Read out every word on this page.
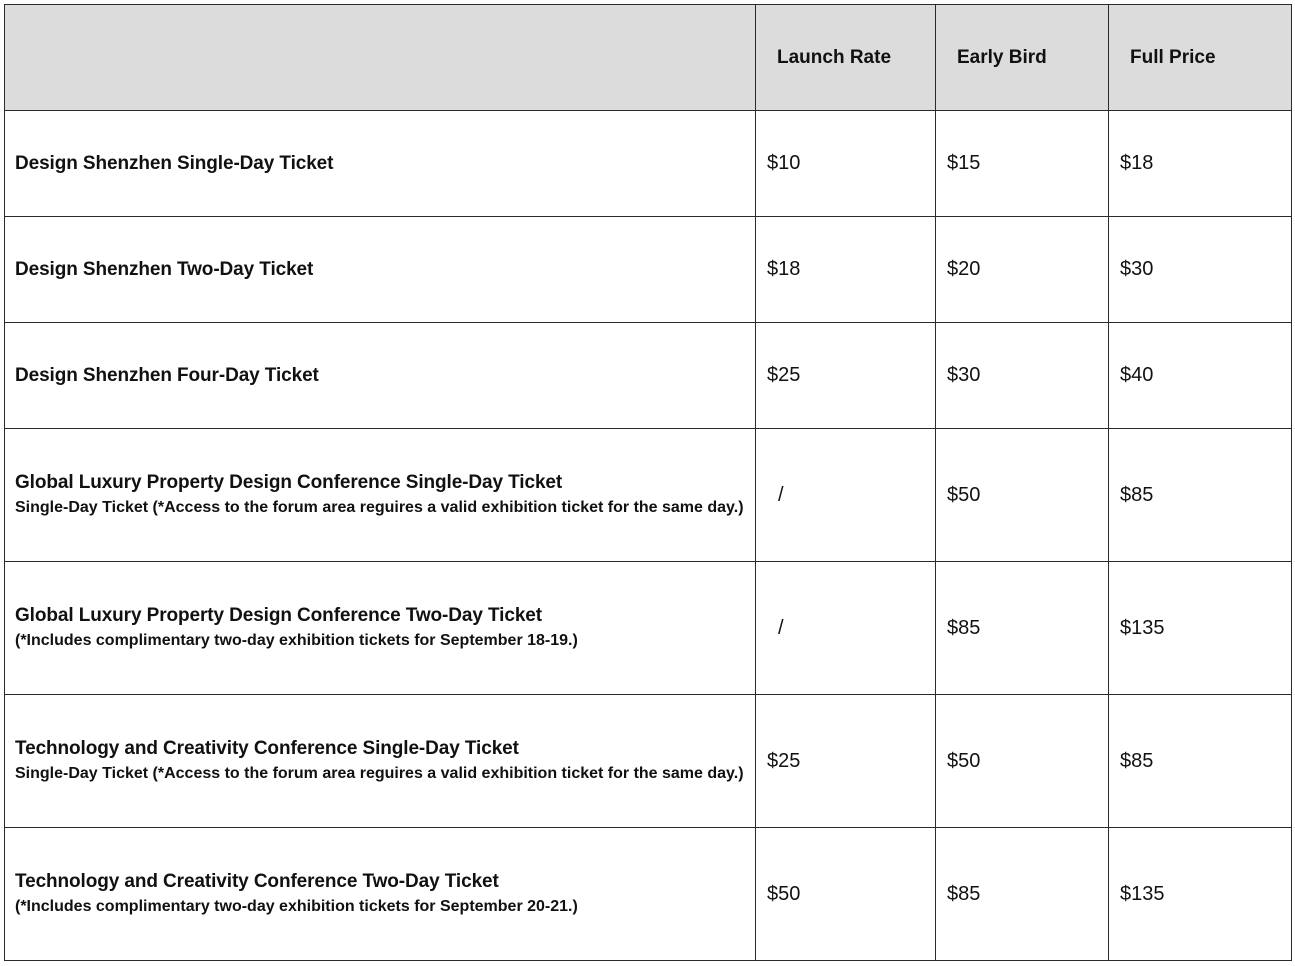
	Launch Rate	Early Bird	Full Price

Design Shenzhen Single-Day Ticket	$10	$15	$18

Design Shenzhen Two-Day Ticket	$18	$20	$30

Design Shenzhen Four-Day Ticket	$25	$30	$40

Global Luxury Property Design Conference Single-Day Ticket
Single-Day Ticket (*Access to the forum area reguires a valid exhibition ticket for the same day.)	/	$50	$85

Global Luxury Property Design Conference Two-Day Ticket
(*Includes complimentary two-day exhibition tickets for September 18-19.)	/	$85	$135

Technology and Creativity Conference Single-Day Ticket
Single-Day Ticket (*Access to the forum area reguires a valid exhibition ticket for the same day.)	$25	$50	$85

Technology and Creativity Conference Two-Day Ticket
(*Includes complimentary two-day exhibition tickets for September 20-21.)	$50	$85	$135
